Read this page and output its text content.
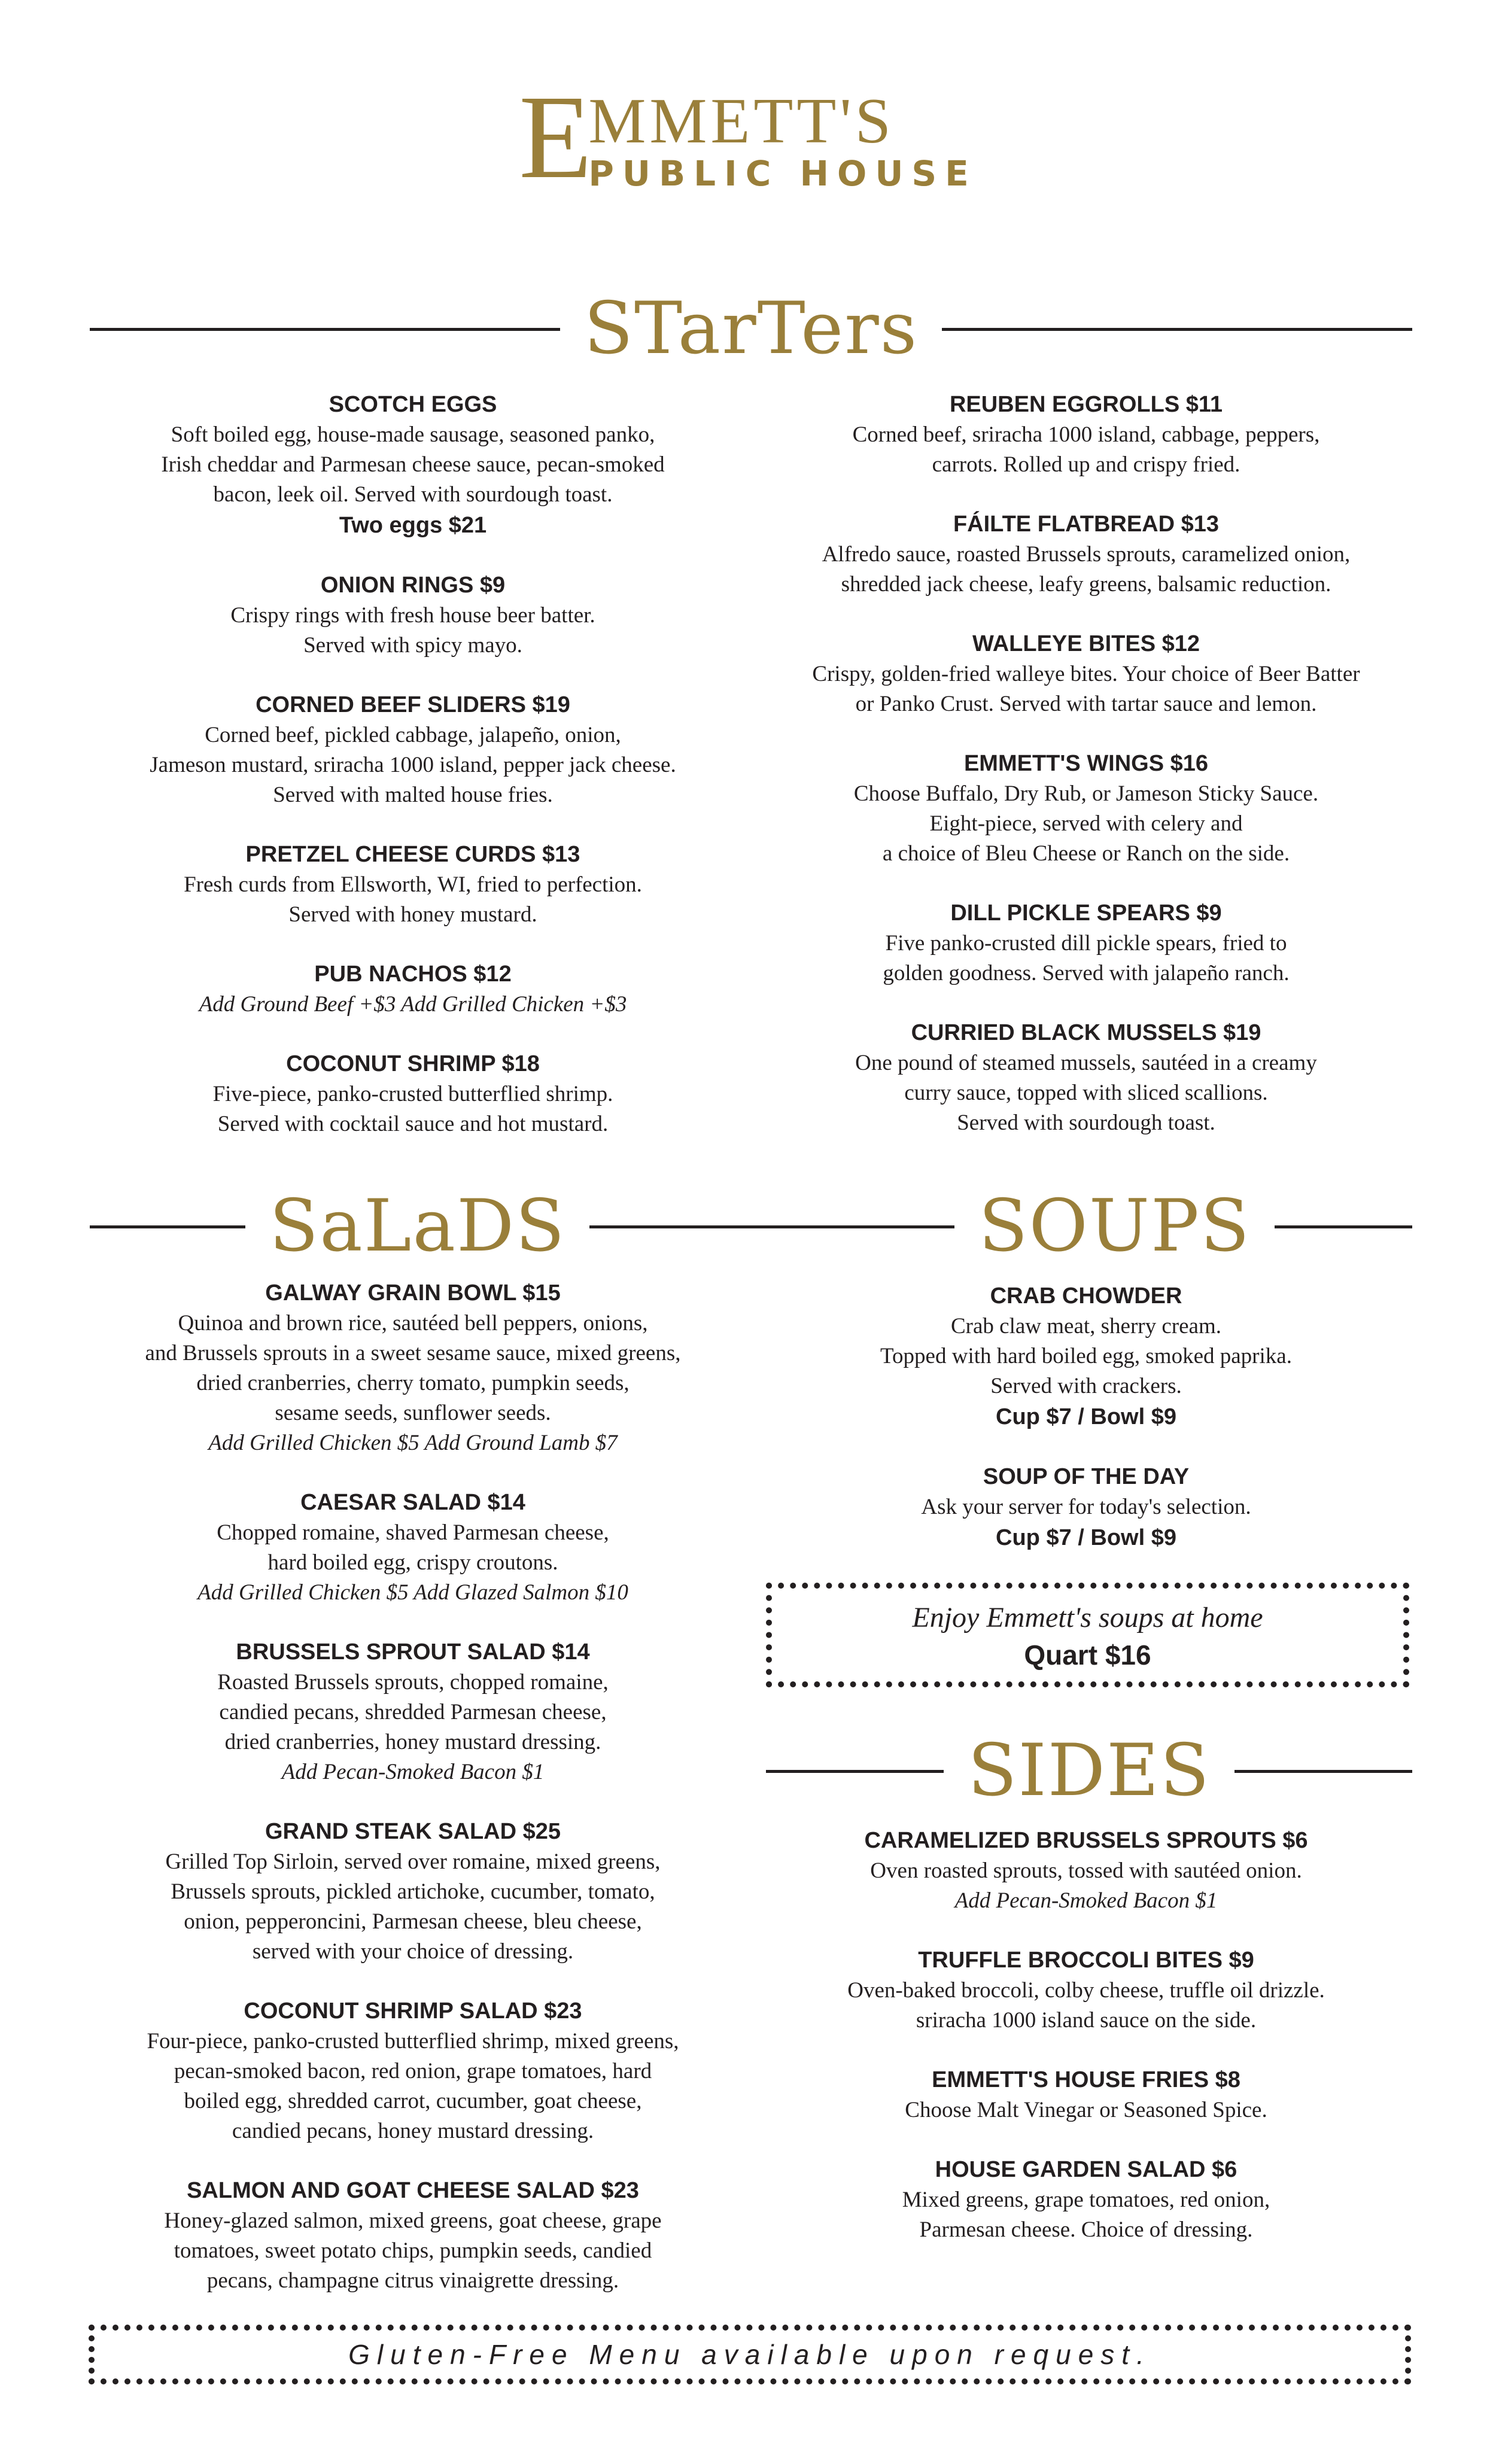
E
MMETT'S
PUBLIC HOUSE
STarTers
SCOTCH EGGS
Soft boiled egg, house-made sausage, seasoned panko,
Irish cheddar and Parmesan cheese sauce, pecan-smoked
bacon, leek oil. Served with sourdough toast.
Two eggs $21
ONION RINGS $9
Crispy rings with fresh house beer batter.
Served with spicy mayo.
CORNED BEEF SLIDERS $19
Corned beef, pickled cabbage, jalapeño, onion,
Jameson mustard, sriracha 1000 island, pepper jack cheese.
Served with malted house fries.
PRETZEL CHEESE CURDS $13
Fresh curds from Ellsworth, WI, fried to perfection.
Served with honey mustard.
PUB NACHOS $12
Add Ground Beef +$3 Add Grilled Chicken +$3
COCONUT SHRIMP $18
Five-piece, panko-crusted butterflied shrimp.
Served with cocktail sauce and hot mustard.
REUBEN EGGROLLS $11
Corned beef, sriracha 1000 island, cabbage, peppers,
carrots. Rolled up and crispy fried.
FÁILTE FLATBREAD $13
Alfredo sauce, roasted Brussels sprouts, caramelized onion,
shredded jack cheese, leafy greens, balsamic reduction.
WALLEYE BITES $12
Crispy, golden-fried walleye bites. Your choice of Beer Batter
or Panko Crust. Served with tartar sauce and lemon.
EMMETT'S WINGS $16
Choose Buffalo, Dry Rub, or Jameson Sticky Sauce.
Eight-piece, served with celery and
a choice of Bleu Cheese or Ranch on the side.
DILL PICKLE SPEARS $9
Five panko-crusted dill pickle spears, fried to
golden goodness. Served with jalapeño ranch.
CURRIED BLACK MUSSELS $19
One pound of steamed mussels, sautéed in a creamy
curry sauce, topped with sliced scallions.
Served with sourdough toast.
SaLaDS	SOUPS
GALWAY GRAIN BOWL $15
Quinoa and brown rice, sautéed bell peppers, onions,
and Brussels sprouts in a sweet sesame sauce, mixed greens,
dried cranberries, cherry tomato, pumpkin seeds,
sesame seeds, sunflower seeds.
Add Grilled Chicken $5 Add Ground Lamb $7
CAESAR SALAD $14
Chopped romaine, shaved Parmesan cheese,
hard boiled egg, crispy croutons.
Add Grilled Chicken $5 Add Glazed Salmon $10
BRUSSELS SPROUT SALAD $14
Roasted Brussels sprouts, chopped romaine,
candied pecans, shredded Parmesan cheese,
dried cranberries, honey mustard dressing.
Add Pecan-Smoked Bacon $1
GRAND STEAK SALAD $25
Grilled Top Sirloin, served over romaine, mixed greens,
Brussels sprouts, pickled artichoke, cucumber, tomato,
onion, pepperoncini, Parmesan cheese, bleu cheese,
served with your choice of dressing.
COCONUT SHRIMP SALAD $23
Four-piece, panko-crusted butterflied shrimp, mixed greens,
pecan-smoked bacon, red onion, grape tomatoes, hard
boiled egg, shredded carrot, cucumber, goat cheese,
candied pecans, honey mustard dressing.
SALMON AND GOAT CHEESE SALAD $23
Honey-glazed salmon, mixed greens, goat cheese, grape
tomatoes, sweet potato chips, pumpkin seeds, candied
pecans, champagne citrus vinaigrette dressing.
CRAB CHOWDER
Crab claw meat, sherry cream.
Topped with hard boiled egg, smoked paprika.
Served with crackers.
Cup $7 / Bowl $9
SOUP OF THE DAY
Ask your server for today's selection.
Cup $7 / Bowl $9
Enjoy Emmett's soups at home
Quart $16
SIDES
CARAMELIZED BRUSSELS SPROUTS $6
Oven roasted sprouts, tossed with sautéed onion.
Add Pecan-Smoked Bacon $1
TRUFFLE BROCCOLI BITES $9
Oven-baked broccoli, colby cheese, truffle oil drizzle.
sriracha 1000 island sauce on the side.
EMMETT'S HOUSE FRIES $8
Choose Malt Vinegar or Seasoned Spice.
HOUSE GARDEN SALAD $6
Mixed greens, grape tomatoes, red onion,
Parmesan cheese. Choice of dressing.
Gluten-Free Menu available upon request.
